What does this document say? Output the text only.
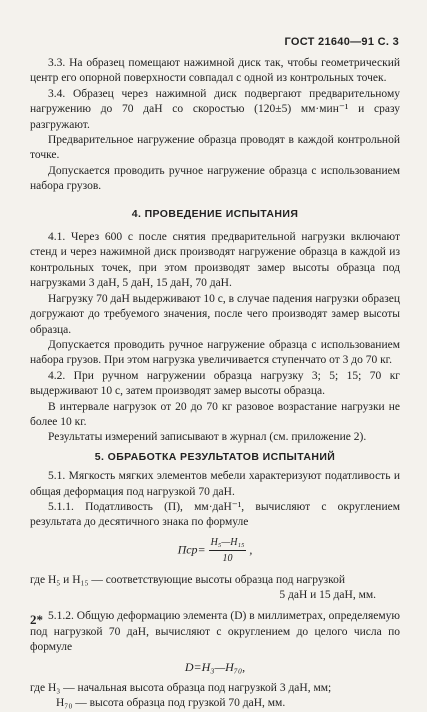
ГОСТ 21640—91 С. 3

3.3. На образец помещают нажимной диск так, чтобы геометрический центр его опорной поверхности совпадал с одной из контрольных точек.

3.4. Образец через нажимной диск подвергают предварительному нагружению до 70 даН со скоростью (120±5) мм·мин⁻¹ и сразу разгружают.

Предварительное нагружение образца проводят в каждой контрольной точке.

Допускается проводить ручное нагружение образца с использованием набора грузов.

4. ПРОВЕДЕНИЕ ИСПЫТАНИЯ

4.1. Через 600 с после снятия предварительной нагрузки включают стенд и через нажимной диск производят нагружение образца в каждой из контрольных точек, при этом производят замер высоты образца под нагрузками 3 даН, 5 даН, 15 даН, 70 даН.

Нагрузку 70 даН выдерживают 10 с, в случае падения нагрузки образец догружают до требуемого значения, после чего производят замер высоты образца.

Допускается проводить ручное нагружение образца с использованием набора грузов. При этом нагрузка увеличивается ступенчато от 3 до 70 кг.

4.2. При ручном нагружении образца нагрузку 3; 5; 15; 70 кг выдерживают 10 с, затем производят замер высоты образца.

В интервале нагрузок от 20 до 70 кг разовое возрастание нагрузки не более 10 кг.

Результаты измерений записывают в журнал (см. приложение 2).

5. ОБРАБОТКА РЕЗУЛЬТАТОВ ИСПЫТАНИЙ

5.1. Мягкость мягких элементов мебели характеризуют податливость и общая деформация под нагрузкой 70 даН.

5.1.1. Податливость (П), мм·даН⁻¹, вычисляют с округлением результата до десятичного знака по формуле

$Пср= \frac{\text{H₅—H₁₅}}{10}$ ,

где H₅ и H₁₅ — соответствующие высоты образца под нагрузкой

5 даН и 15 даН, мм.

5.1.2. Общую деформацию элемента (D) в миллиметрах, определяемую под нагрузкой 70 даН, вычисляют с округлением до целого числа по формуле

D=H₃—H₇₀,

где H₃ — начальная высота образца под нагрузкой 3 даН, мм;

H₇₀ — высота образца под грузкой 70 даН, мм.

2*
